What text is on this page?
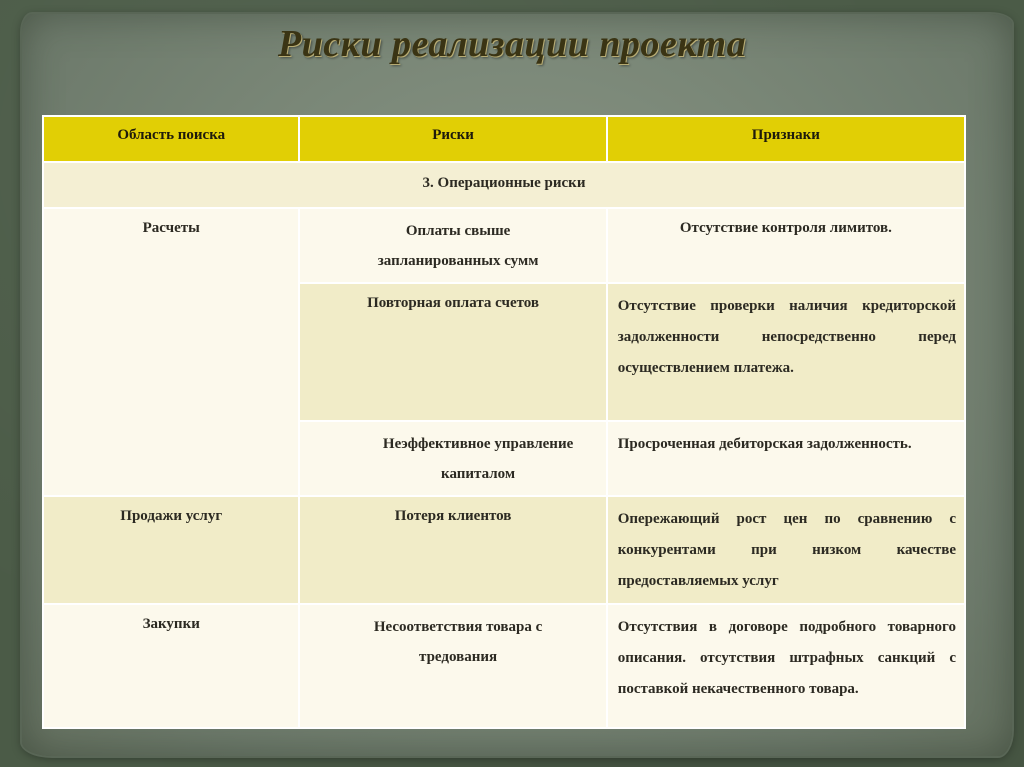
Риски реализации проекта
Область поиска	Риски	Признаки

3. Операционные риски		

Расчеты	Оплаты свыше запланированных сумм	Отсутствие контроля лимитов.

	Повторная оплата счетов	Отсутствие проверки наличия кредиторской задолженности непосредственно перед осуществлением платежа.

	Неэффективное управление капиталом	Просроченная дебиторская задолженность.

Продажи услуг	Потеря клиентов	Опережающий рост цен по сравнению с конкурентами при низком качестве предоставляемых услуг

Закупки	Несоответствия товара с тредования	Отсутствия в договоре подробного товарного описания. отсутствия штрафных санкций с поставкой некачественного товара.
